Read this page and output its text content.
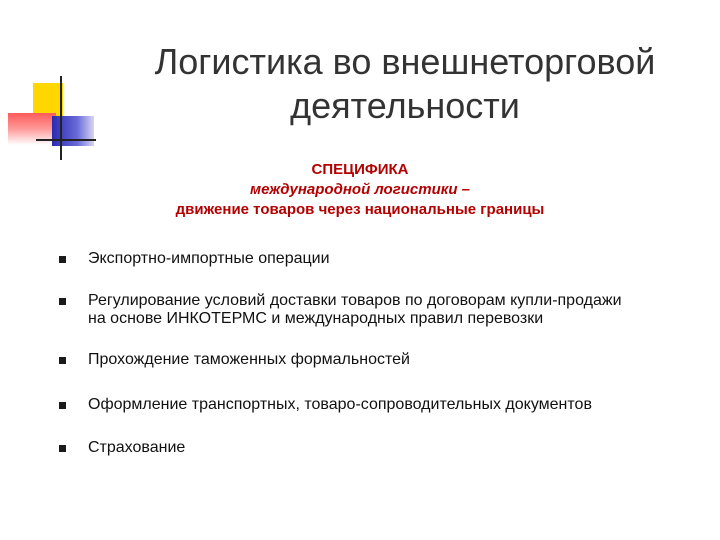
Логистика во внешнеторговой
деятельности
СПЕЦИФИКА
международной логистики –
движение товаров через национальные границы
Экспортно-импортные операции
Регулирование условий доставки товаров по договорам купли-продажи
на основе ИНКОТЕРМС и международных правил перевозки
Прохождение таможенных формальностей
Оформление транспортных, товаро-сопроводительных документов
Страхование
